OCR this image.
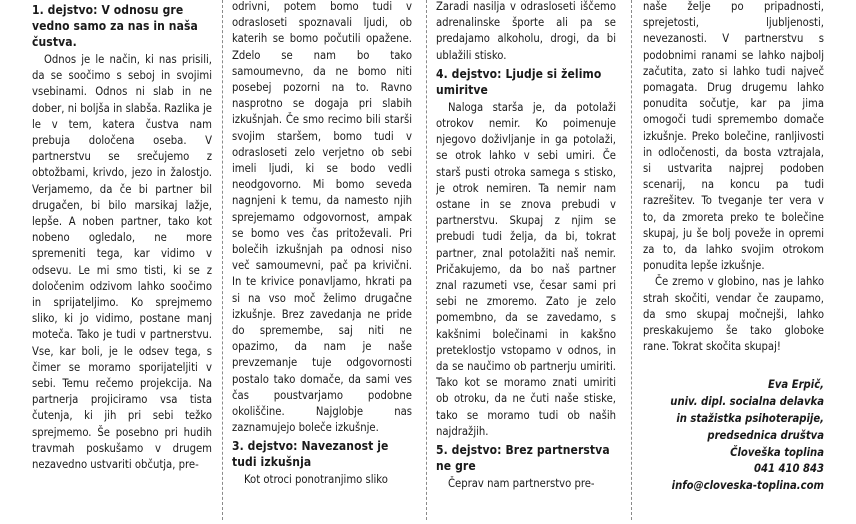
1. dejstvo: V odnosu gre vedno samo za nas in naša čustva.

Odnos je le način, ki nas prisili, da se soočimo s seboj in svojimi vsebinami. Odnos ni slab in ne dober, ni boljša in slabša. Razlika je le v tem, katera čustva nam prebuja določena oseba. V partnerstvu se srečujemo z obtožbami, krivdo, jezo in žalostjo. Verjamemo, da če bi partner bil drugačen, bi bilo marsikaj lažje, lepše. A noben partner, tako kot nobeno ogledalo, ne more spremeniti tega, kar vidimo v odsevu. Le mi smo tisti, ki se z določenim odzivom lahko soočimo in sprijateljimo. Ko sprejmemo sliko, ki jo vidimo, postane manj moteča. Tako je tudi v partnerstvu. Vse, kar boli, je le odsev tega, s čimer se moramo sporijateljiti v sebi. Temu rečemo projekcija. Na partnerja projiciramo vsa tista čutenja, ki jih pri sebi težko sprejmemo. Še posebno pri hudih travmah poskušamo v drugem nezavedno ustvariti občutja, pre-

odrivni, potem bomo tudi v odrasloseti spoznavali ljudi, ob katerih se bomo počutili opažene. Zdelo se nam bo tako samoumevno, da ne bomo niti posebej pozorni na to. Ravno nasprotno se dogaja pri slabih izkušnjah. Če smo recimo bili starši svojim staršem, bomo tudi v odrasloseti zelo verjetno ob sebi imeli ljudi, ki se bodo vedli neodgovorno. Mi bomo seveda nagnjeni k temu, da namesto njih sprejemamo odgovornost, ampak se bomo ves čas pritoževali. Pri bolečih izkušnjah pa odnosi niso več samoumevni, pač pa krivični. In te krivice ponavljamo, hkrati pa si na vso moč želimo drugačne izkušnje. Brez zavedanja ne pride do spremembe, saj niti ne opazimo, da nam je naše prevzemanje tuje odgovornosti postalo tako domače, da sami ves čas poustvarjamo podobne okoliščine. Najglobje nas zaznamujejo boleče izkušnje.

3. dejstvo: Navezanost je tudi izkušnja

Kot otroci ponotranjimo sliko

Zaradi nasilja v odrasloseti iščemo adrenalinske športe ali pa se predajamo alkoholu, drogi, da bi ublažili stisko.

4. dejstvo: Ljudje si želimo umiritve

Naloga starša je, da potolaži otrokov nemir. Ko poimenuje njegovo doživljanje in ga potolaži, se otrok lahko v sebi umiri. Če starš pusti otroka samega s stisko, je otrok nemiren. Ta nemir nam ostane in se znova prebudi v partnerstvu. Skupaj z njim se prebudi tudi želja, da bi, tokrat partner, znal potolažiti naš nemir. Pričakujemo, da bo naš partner znal razumeti vse, česar sami pri sebi ne zmoremo. Zato je zelo pomembno, da se zavedamo, s kakšnimi bolečinami in kakšno preteklostjo vstopamo v odnos, in da se naučimo ob partnerju umiriti. Tako kot se moramo znati umiriti ob otroku, da ne čuti naše stiske, tako se moramo tudi ob naših najdražjih.

5. dejstvo: Brez partnerstva ne gre

Čeprav nam partnerstvo pre-

naše želje po pripadnosti, sprejetosti, ljubljenosti, nevezanosti. V partnerstvu s podobnimi ranami se lahko najbolj začutita, zato si lahko tudi največ pomagata. Drug drugemu lahko ponudita sočutje, kar pa jima omogoči tudi spremembo domače izkušnje. Preko bolečine, ranljivosti in odločenosti, da bosta vztrajala, si ustvarita najprej podoben scenarij, na koncu pa tudi razrešitev. To tveganje ter vera v to, da zmoreta preko te bolečine skupaj, ju še bolj poveže in opremi za to, da lahko svojim otrokom ponudita lepše izkušnje.

Če zremo v globino, nas je lahko strah skočiti, vendar če zaupamo, da smo skupaj močnejši, lahko preskakujemo še tako globoke rane. Tokrat skočita skupaj!

Eva Erpič,
univ. dipl. socialna delavka
in stažistka psihoterapije,
predsednica društva
Človeška toplina
041 410 843
info@cloveska-toplina.com
